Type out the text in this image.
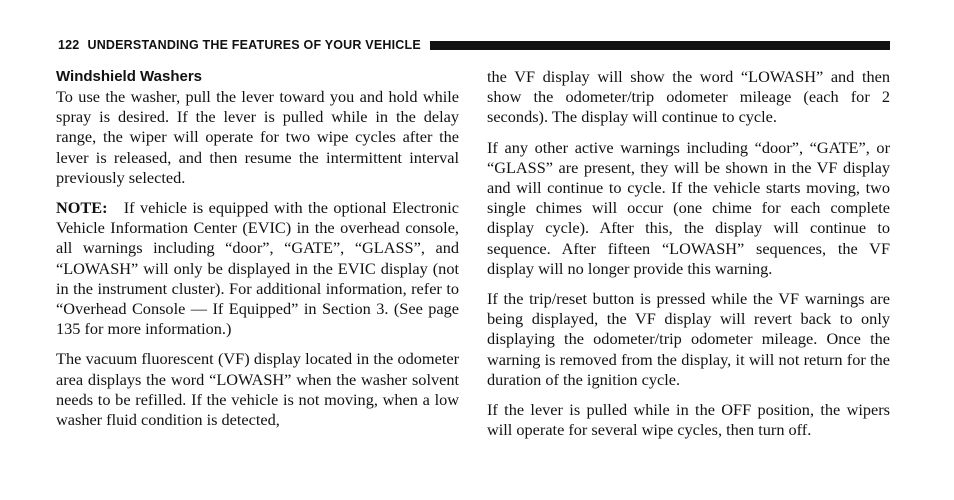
122 UNDERSTANDING THE FEATURES OF YOUR VEHICLE
Windshield Washers

To use the washer, pull the lever toward you and hold while spray is desired. If the lever is pulled while in the delay range, the wiper will operate for two wipe cycles after the lever is released, and then resume the intermittent interval previously selected.

NOTE: If vehicle is equipped with the optional Electronic Vehicle Information Center (EVIC) in the overhead console, all warnings including “door”, “GATE”, “GLASS”, and “LOWASH” will only be displayed in the EVIC display (not in the instrument cluster). For additional information, refer to “Overhead Console — If Equipped” in Section 3. (See page 135 for more information.)

The vacuum fluorescent (VF) display located in the odometer area displays the word “LOWASH” when the washer solvent needs to be refilled. If the vehicle is not moving, when a low washer fluid condition is detected,

the VF display will show the word “LOWASH” and then show the odometer/trip odometer mileage (each for 2 seconds). The display will continue to cycle.

If any other active warnings including “door”, “GATE”, or “GLASS” are present, they will be shown in the VF display and will continue to cycle. If the vehicle starts moving, two single chimes will occur (one chime for each complete display cycle). After this, the display will continue to sequence. After fifteen “LOWASH” sequences, the VF display will no longer provide this warning.

If the trip/reset button is pressed while the VF warnings are being displayed, the VF display will revert back to only displaying the odometer/trip odometer mileage. Once the warning is removed from the display, it will not return for the duration of the ignition cycle.

If the lever is pulled while in the OFF position, the wipers will operate for several wipe cycles, then turn off.
